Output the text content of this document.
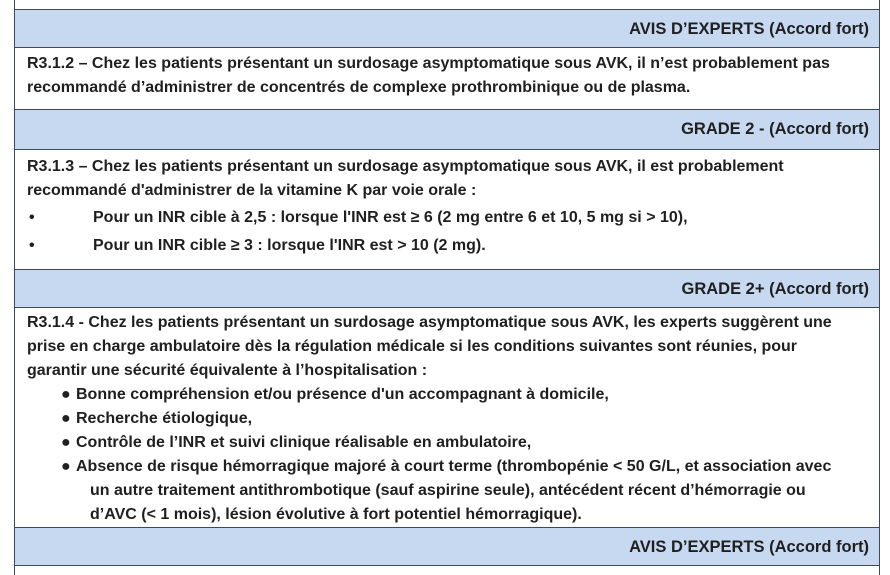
AVIS D’EXPERTS (Accord fort)

R3.1.2 – Chez les patients présentant un surdosage asymptomatique sous AVK, il n’est probablement pas

recommandé d’administrer de concentrés de complexe prothrombinique ou de plasma.

GRADE 2 - (Accord fort)

R3.1.3 – Chez les patients présentant un surdosage asymptomatique sous AVK, il est probablement

recommandé d'administrer de la vitamine K par voie orale :

•	Pour un INR cible à 2,5 : lorsque l'INR est ≥ 6 (2 mg entre 6 et 10, 5 mg si > 10),

•	Pour un INR cible ≥ 3 : lorsque l'INR est > 10 (2 mg).

GRADE 2+ (Accord fort)

R3.1.4 - Chez les patients présentant un surdosage asymptomatique sous AVK, les experts suggèrent une

prise en charge ambulatoire dès la régulation médicale si les conditions suivantes sont réunies, pour

garantir une sécurité équivalente à l’hospitalisation :

● Bonne compréhension et/ou présence d'un accompagnant à domicile,

● Recherche étiologique,

● Contrôle de l’INR et suivi clinique réalisable en ambulatoire,

● Absence de risque hémorragique majoré à court terme (thrombopénie < 50 G/L, et association avec

un autre traitement antithrombotique (sauf aspirine seule), antécédent récent d’hémorragie ou

d’AVC (< 1 mois), lésion évolutive à fort potentiel hémorragique).

AVIS D’EXPERTS (Accord fort)
